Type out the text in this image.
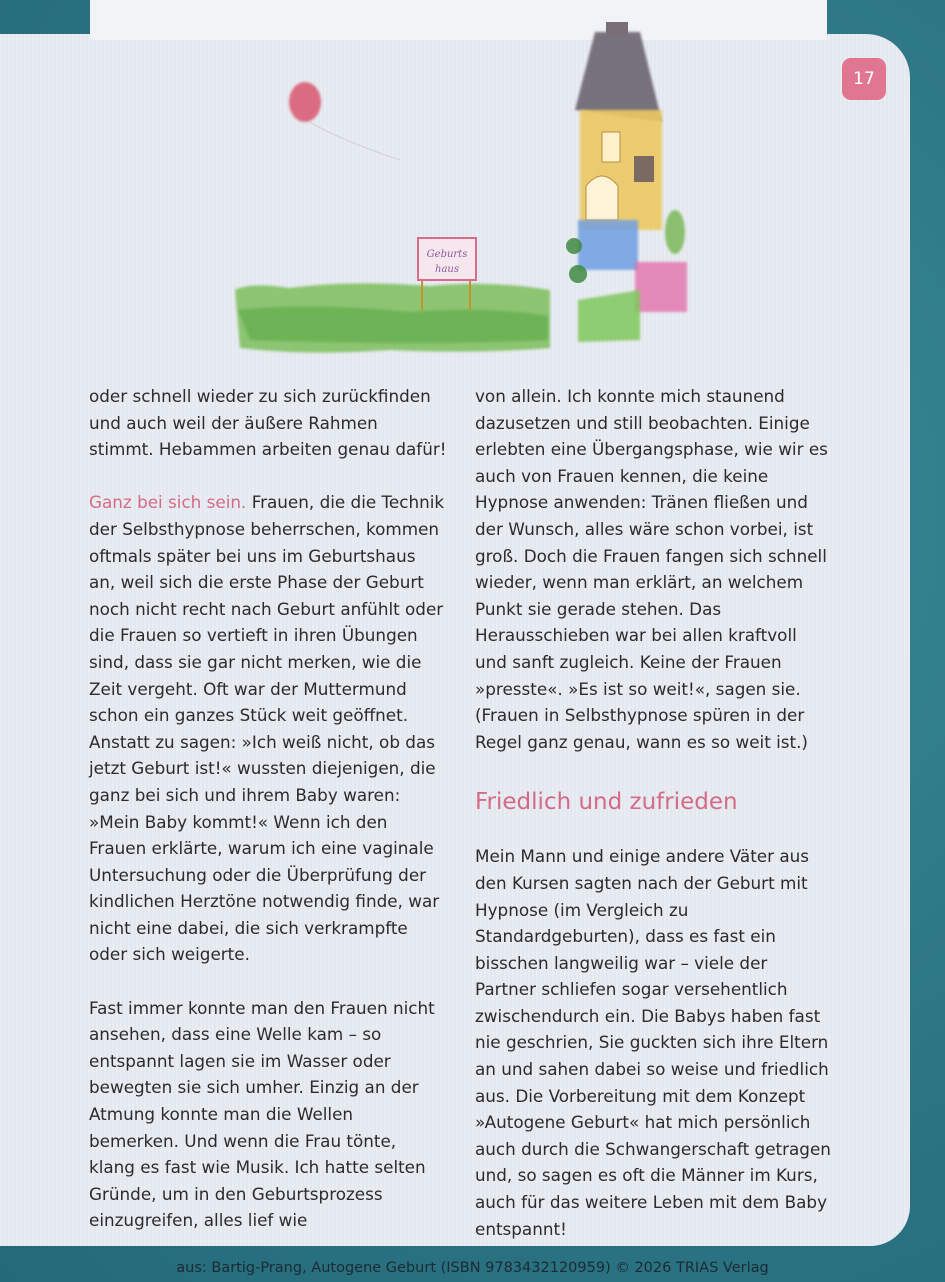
17
Geburts
haus

oder schnell wieder zu sich zurückfinden und auch weil der äußere Rahmen stimmt. Hebammen arbeiten genau dafür!

Ganz bei sich sein. Frauen, die die Technik der Selbsthypnose beherrschen, kommen oftmals später bei uns im Geburtshaus an, weil sich die erste Phase der Geburt noch nicht recht nach Geburt anfühlt oder die Frauen so vertieft in ihren Übungen sind, dass sie gar nicht merken, wie die Zeit vergeht. Oft war der Muttermund schon ein ganzes Stück weit geöffnet. Anstatt zu sagen: »Ich weiß nicht, ob das jetzt Geburt ist!« wussten diejenigen, die ganz bei sich und ihrem Baby waren: »Mein Baby kommt!« Wenn ich den Frauen erklärte, warum ich eine vaginale Untersuchung oder die Überprüfung der kindlichen Herztöne notwendig finde, war nicht eine dabei, die sich verkrampfte oder sich weigerte.

Fast immer konnte man den Frauen nicht ansehen, dass eine Welle kam – so entspannt lagen sie im Wasser oder bewegten sie sich umher. Einzig an der Atmung konnte man die Wellen bemerken. Und wenn die Frau tönte, klang es fast wie Musik. Ich hatte selten Gründe, um in den Geburtsprozess einzugreifen, alles lief wie

von allein. Ich konnte mich staunend dazusetzen und still beobachten. Einige erlebten eine Übergangsphase, wie wir es auch von Frauen kennen, die keine Hypnose anwenden: Tränen fließen und der Wunsch, alles wäre schon vorbei, ist groß. Doch die Frauen fangen sich schnell wieder, wenn man erklärt, an welchem Punkt sie gerade stehen. Das Herausschieben war bei allen kraftvoll und sanft zugleich. Keine der Frauen »presste«. »Es ist so weit!«, sagen sie. (Frauen in Selbsthypnose spüren in der Regel ganz genau, wann es so weit ist.)

Friedlich und zufrieden

Mein Mann und einige andere Väter aus den Kursen sagten nach der Geburt mit Hypnose (im Vergleich zu Standardgeburten), dass es fast ein bisschen langweilig war – viele der Partner schliefen sogar versehentlich zwischendurch ein. Die Babys haben fast nie geschrien, Sie guckten sich ihre Eltern an und sahen dabei so weise und friedlich aus. Die Vorbereitung mit dem Konzept »Autogene Geburt« hat mich persönlich auch durch die Schwangerschaft getragen und, so sagen es oft die Männer im Kurs, auch für das weitere Leben mit dem Baby entspannt!

aus: Bartig-Prang, Autogene Geburt (ISBN 9783432120959) © 2026 TRIAS Verlag
